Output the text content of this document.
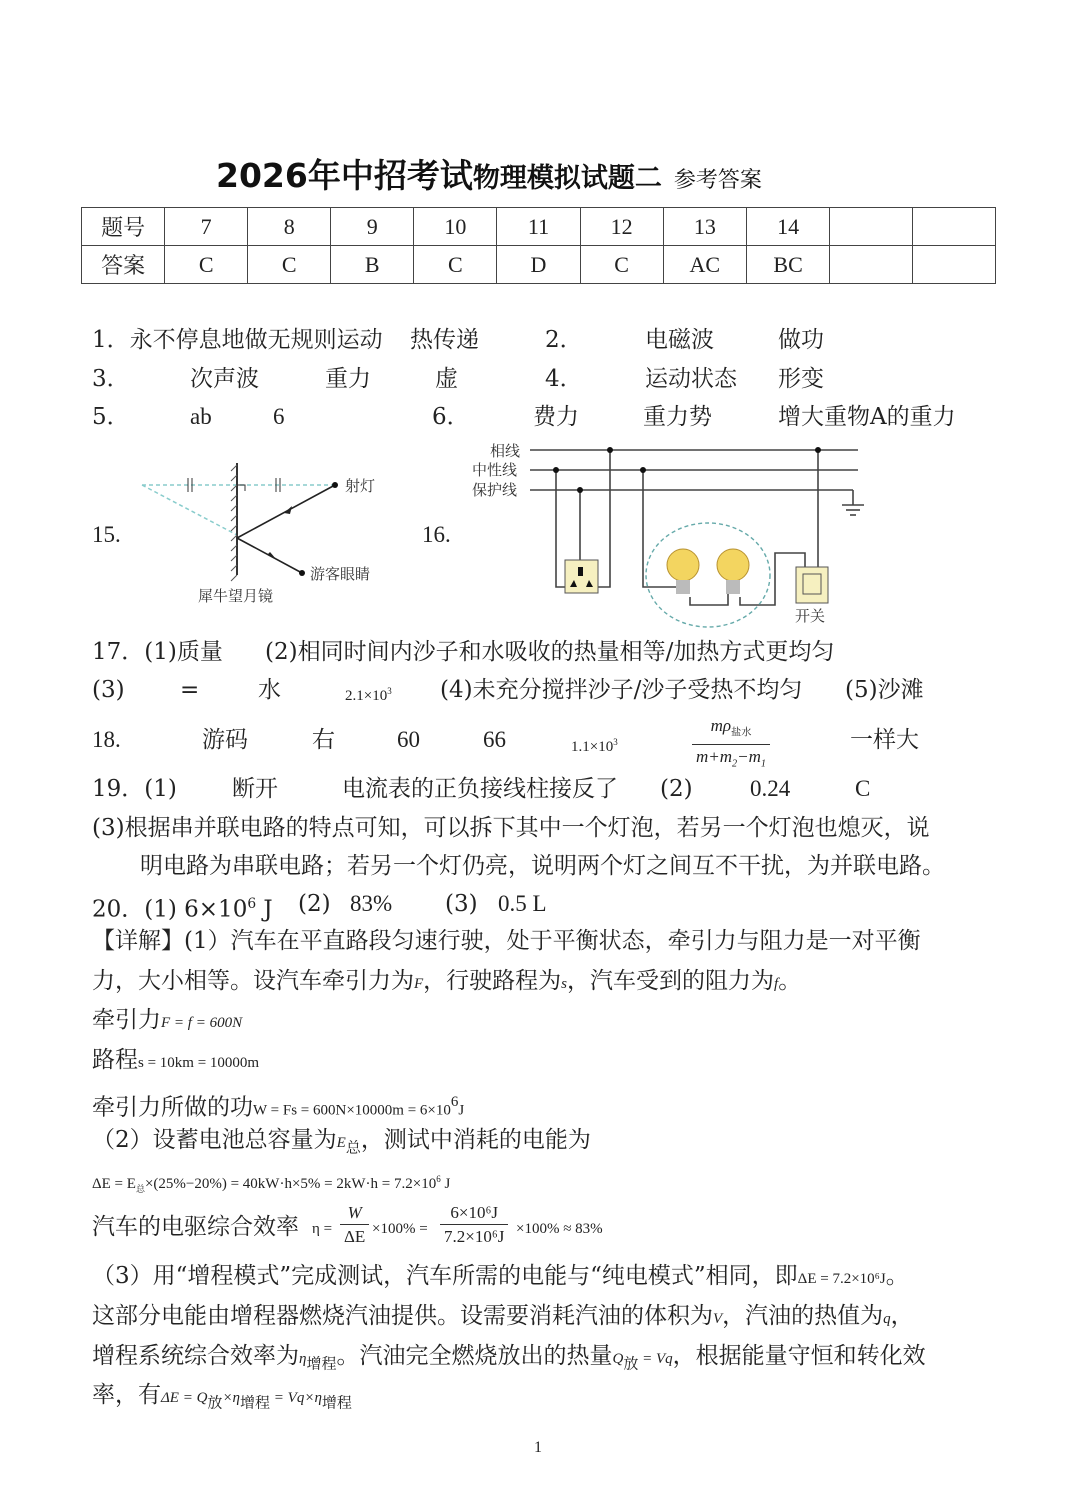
2026年中招考试物理模拟试题二 参考答案
题号	7	8	9	10	11	12	13	14		
答案	C	C	B	C	D	C	AC	BC		
1．永不停息地做无规则运动 热传递	2．	电磁波	做功
3．	次声波	重力	虚	4．	运动状态 形变
5．	ab	6	6．	费力	重力势	增大重物A的重力
15.
射灯
游客眼睛
犀牛望月镜
16.
相线
中性线
保护线
开关
17．(1)质量 (2)相同时间内沙子和水吸收的热量相等/加热方式更均匀
(3) =	水	$2.1\times 10^3$ (4)未充分搅拌沙子/沙子受热不均匀 (5)沙滩
18.	游码	右	60	66	$1.1\times 10^3$
$m\rho_{盐水}$
$m+m_2-m_1$
一样大
19．(1) 断开	电流表的正负接线柱接反了 (2) 0.24	C
(3)根据串并联电路的特点可知，可以拆下其中一个灯泡，若另一个灯泡也熄灭，说
明电路为串联电路；若另一个灯仍亮，说明两个灯之间互不干扰，为并联电路。
20．(1) $6\times 10^6$ J (2) 83% (3) 0.5 L
【详解】(1）汽车在平直路段匀速行驶，处于平衡状态，牵引力与阻力是一对平衡
力，大小相等。设汽车牵引力为F，行驶路程为s，汽车受到的阻力为f。
牵引力F = f = 600N
路程s = 10km = 10000m
牵引力所做的功$W = Fs = 600N\times 10000m = 6\times 10^6J$
（2）设蓄电池总容量为$E_总$，测试中消耗的电能为
$\Delta E = E_总\times(25\%-20\%) = 40kW\cdot h\times 5\% = 2kW\cdot h = 7.2\times 10^6$ J
汽车的电驱综合效率 $\eta = \frac{W}{\Delta E} \times 100\% = \frac{\text{6×10⁶J}}{\text{7.2×10⁶J}} \times 100\% \approx 83\%$
（3）用“增程模式”完成测试，汽车所需的电能与“纯电模式”相同，即ΔE = 7.2×10⁶J。
这部分电能由增程器燃烧汽油提供。设需要消耗汽油的体积为V，汽油的热值为q，
增程系统综合效率为$\eta_{增程}$。汽油完全燃烧放出的热量$Q_放 = Vq$，根据能量守恒和转化效
率，有$\Delta E = Q_放\times\eta_{增程} = Vq\times\eta_{增程}$
1
